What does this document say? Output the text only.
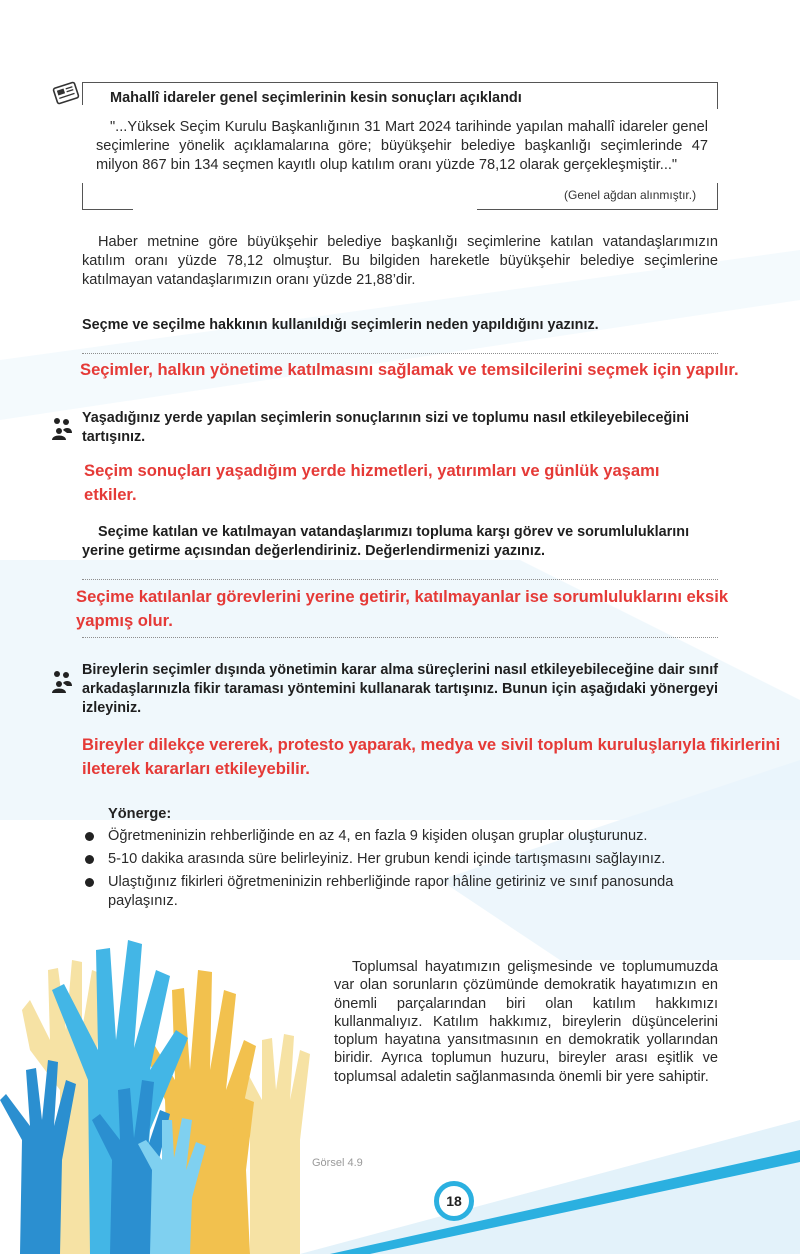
Mahallî idareler genel seçimlerinin kesin sonuçları açıklandı
"...Yüksek Seçim Kurulu Başkanlığının 31 Mart 2024 tarihinde yapılan mahallî idareler genel seçimlerine yönelik açıklamalarına göre; büyükşehir belediye başkanlığı seçimlerinde 47 milyon 867 bin 134 seçmen kayıtlı olup katılım oranı yüzde 78,12 olarak gerçekleşmiştir..."
(Genel ağdan alınmıştır.)
Haber metnine göre büyükşehir belediye başkanlığı seçimlerine katılan vatandaşlarımızın katılım oranı yüzde 78,12 olmuştur. Bu bilgiden hareketle büyükşehir belediye seçimlerine katılmayan vatandaşlarımızın oranı yüzde 21,88’dir.
Seçme ve seçilme hakkının kullanıldığı seçimlerin neden yapıldığını yazınız.
Seçimler, halkın yönetime katılmasını sağlamak ve temsilcilerini seçmek için yapılır.
Yaşadığınız yerde yapılan seçimlerin sonuçlarının sizi ve toplumu nasıl etkileyebileceğini tartışınız.
Seçim sonuçları yaşadığım yerde hizmetleri, yatırımları ve günlük yaşamı etkiler.
Seçime katılan ve katılmayan vatandaşlarımızı topluma karşı görev ve sorumluluklarını yerine getirme açısından değerlendiriniz. Değerlendirmenizi yazınız.
Seçime katılanlar görevlerini yerine getirir, katılmayanlar ise sorumluluklarını eksik yapmış olur.
Bireylerin seçimler dışında yönetimin karar alma süreçlerini nasıl etkileyebileceğine dair sınıf arkadaşlarınızla fikir taraması yöntemini kullanarak tartışınız. Bunun için aşağıdaki yönergeyi izleyiniz.
Bireyler dilekçe vererek, protesto yaparak, medya ve sivil toplum kuruluşlarıyla fikirlerini ileterek kararları etkileyebilir.
Yönerge:
Öğretmeninizin rehberliğinde en az 4, en fazla 9 kişiden oluşan gruplar oluşturunuz.
5-10 dakika arasında süre belirleyiniz. Her grubun kendi içinde tartışmasını sağlayınız.
Ulaştığınız fikirleri öğretmeninizin rehberliğinde rapor hâline getiriniz ve sınıf panosunda paylaşınız.
Toplumsal hayatımızın gelişmesinde ve toplumumuzda var olan sorunların çözümünde demokratik hayatımızın en önemli parçalarından biri olan katılım hakkımızı kullanmalıyız. Katılım hakkımız, bireylerin düşüncelerini toplum hayatına yansıtmasının en demokratik yollarından biridir. Ayrıca toplumun huzuru, bireyler arası eşitlik ve toplumsal adaletin sağlanmasında önemli bir yere sahiptir.
Görsel 4.9
18
